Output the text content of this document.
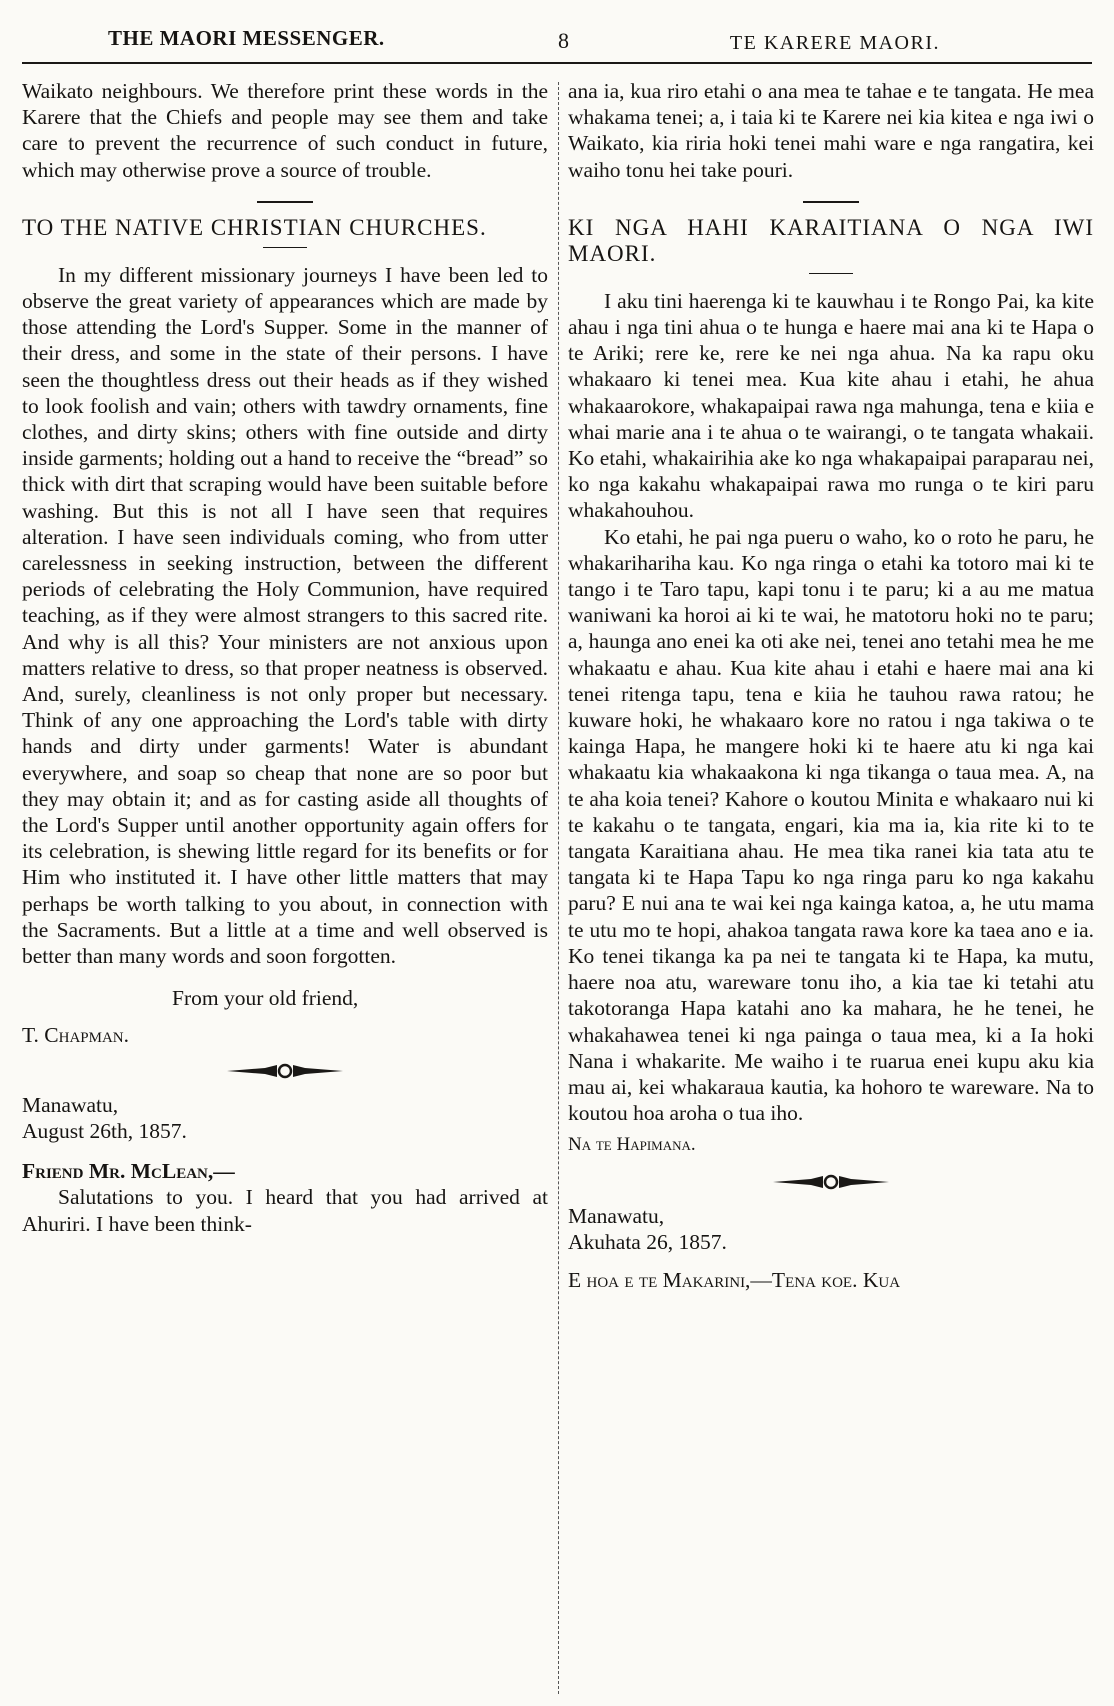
THE MAORI MESSENGER.	8	TE KARERE MAORI.

Waikato neighbours. We therefore print these words in the Karere that the Chiefs and people may see them and take care to prevent the recurrence of such conduct in future, which may otherwise prove a source of trouble.

TO THE NATIVE CHRISTIAN CHURCHES.

In my different missionary journeys I have been led to observe the great variety of appearances which are made by those attending the Lord's Supper. Some in the manner of their dress, and some in the state of their persons. I have seen the thoughtless dress out their heads as if they wished to look foolish and vain; others with tawdry ornaments, fine clothes, and dirty skins; others with fine outside and dirty inside garments; holding out a hand to receive the “bread” so thick with dirt that scraping would have been suitable before washing. But this is not all I have seen that requires alteration. I have seen individuals coming, who from utter carelessness in seeking instruction, between the different periods of celebrating the Holy Communion, have required teaching, as if they were almost strangers to this sacred rite. And why is all this? Your ministers are not anxious upon matters relative to dress, so that proper neatness is observed. And, surely, cleanliness is not only proper but necessary. Think of any one approaching the Lord's table with dirty hands and dirty under garments! Water is abundant everywhere, and soap so cheap that none are so poor but they may obtain it; and as for casting aside all thoughts of the Lord's Supper until another opportunity again offers for its celebration, is shewing little regard for its benefits or for Him who instituted it. I have other little matters that may perhaps be worth talking to you about, in connection with the Sacraments. But a little at a time and well observed is better than many words and soon forgotten.

From your old friend,

T. Chapman.

Manawatu,

August 26th, 1857.

Friend Mr. McLean,—

Salutations to you. I heard that you had arrived at Ahuriri. I have been think-

ana ia, kua riro etahi o ana mea te tahae e te tangata. He mea whakama tenei; a, i taia ki te Karere nei kia kitea e nga iwi o Waikato, kia riria hoki tenei mahi ware e nga rangatira, kei waiho tonu hei take pouri.

KI NGA HAHI KARAITIANA O NGA IWI MAORI.

I aku tini haerenga ki te kauwhau i te Rongo Pai, ka kite ahau i nga tini ahua o te hunga e haere mai ana ki te Hapa o te Ariki; rere ke, rere ke nei nga ahua. Na ka rapu oku whakaaro ki tenei mea. Kua kite ahau i etahi, he ahua whakaarokore, whakapaipai rawa nga mahunga, tena e kiia e whai marie ana i te ahua o te wairangi, o te tangata whakaii. Ko etahi, whakairihia ake ko nga whakapaipai paraparau nei, ko nga kakahu whakapaipai rawa mo runga o te kiri paru whakahouhou.

Ko etahi, he pai nga pueru o waho, ko o roto he paru, he whakarihariha kau. Ko nga ringa o etahi ka totoro mai ki te tango i te Taro tapu, kapi tonu i te paru; ki a au me matua waniwani ka horoi ai ki te wai, he matotoru hoki no te paru; a, haunga ano enei ka oti ake nei, tenei ano tetahi mea he me whakaatu e ahau. Kua kite ahau i etahi e haere mai ana ki tenei ritenga tapu, tena e kiia he tauhou rawa ratou; he kuware hoki, he whakaaro kore no ratou i nga takiwa o te kainga Hapa, he mangere hoki ki te haere atu ki nga kai whakaatu kia whakaakona ki nga tikanga o taua mea. A, na te aha koia tenei? Kahore o koutou Minita e whakaaro nui ki te kakahu o te tangata, engari, kia ma ia, kia rite ki to te tangata Karaitiana ahau. He mea tika ranei kia tata atu te tangata ki te Hapa Tapu ko nga ringa paru ko nga kakahu paru? E nui ana te wai kei nga kainga katoa, a, he utu mama te utu mo te hopi, ahakoa tangata rawa kore ka taea ano e ia. Ko tenei tikanga ka pa nei te tangata ki te Hapa, ka mutu, haere noa atu, wareware tonu iho, a kia tae ki tetahi atu takotoranga Hapa katahi ano ka mahara, he he tenei, he whakahawea tenei ki nga painga o taua mea, ki a Ia hoki Nana i whakarite. Me waiho i te ruarua enei kupu aku kia mau ai, kei whakaraua kautia, ka hohoro te wareware. Na to koutou hoa aroha o tua iho.

Na te Hapimana.

Manawatu,

Akuhata 26, 1857.

E hoa e te Makarini,—Tena koe. Kua
